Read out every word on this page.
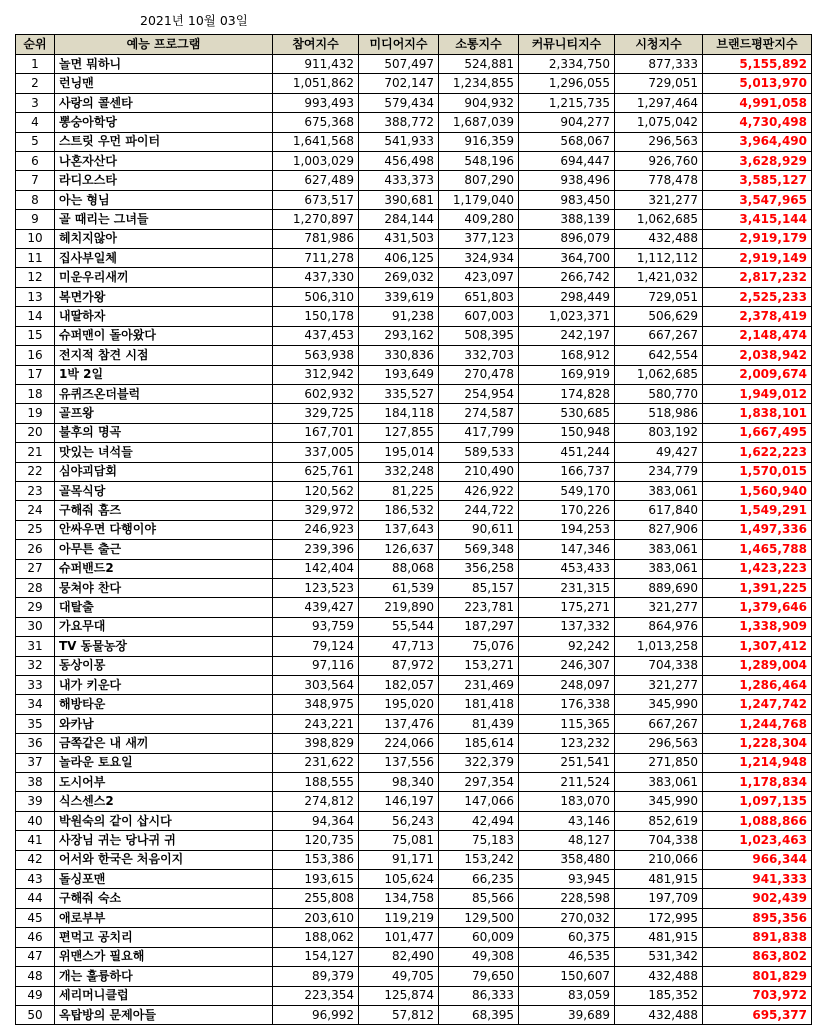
2021년 10월 03일
순위	예능 프로그램	참여지수	미디어지수	소통지수	커뮤니티지수	시청지수	브랜드평판지수
1	놀면 뭐하니	911,432	507,497	524,881	2,334,750	877,333	5,155,892
2	런닝맨	1,051,862	702,147	1,234,855	1,296,055	729,051	5,013,970
3	사랑의 콜센타	993,493	579,434	904,932	1,215,735	1,297,464	4,991,058
4	뽕숭아학당	675,368	388,772	1,687,039	904,277	1,075,042	4,730,498
5	스트릿 우먼 파이터	1,641,568	541,933	916,359	568,067	296,563	3,964,490
6	나혼자산다	1,003,029	456,498	548,196	694,447	926,760	3,628,929
7	라디오스타	627,489	433,373	807,290	938,496	778,478	3,585,127
8	아는 형님	673,517	390,681	1,179,040	983,450	321,277	3,547,965
9	골 때리는 그녀들	1,270,897	284,144	409,280	388,139	1,062,685	3,415,144
10	헤치지않아	781,986	431,503	377,123	896,079	432,488	2,919,179
11	집사부일체	711,278	406,125	324,934	364,700	1,112,112	2,919,149
12	미운우리새끼	437,330	269,032	423,097	266,742	1,421,032	2,817,232
13	복면가왕	506,310	339,619	651,803	298,449	729,051	2,525,233
14	내딸하자	150,178	91,238	607,003	1,023,371	506,629	2,378,419
15	슈퍼맨이 돌아왔다	437,453	293,162	508,395	242,197	667,267	2,148,474
16	전지적 참견 시점	563,938	330,836	332,703	168,912	642,554	2,038,942
17	1박 2일	312,942	193,649	270,478	169,919	1,062,685	2,009,674
18	유퀴즈온더블럭	602,932	335,527	254,954	174,828	580,770	1,949,012
19	골프왕	329,725	184,118	274,587	530,685	518,986	1,838,101
20	불후의 명곡	167,701	127,855	417,799	150,948	803,192	1,667,495
21	맛있는 녀석들	337,005	195,014	589,533	451,244	49,427	1,622,223
22	심야괴담회	625,761	332,248	210,490	166,737	234,779	1,570,015
23	골목식당	120,562	81,225	426,922	549,170	383,061	1,560,940
24	구해줘 홈즈	329,972	186,532	244,722	170,226	617,840	1,549,291
25	안싸우면 다행이야	246,923	137,643	90,611	194,253	827,906	1,497,336
26	아무튼 출근	239,396	126,637	569,348	147,346	383,061	1,465,788
27	슈퍼밴드2	142,404	88,068	356,258	453,433	383,061	1,423,223
28	뭉쳐야 찬다	123,523	61,539	85,157	231,315	889,690	1,391,225
29	대탈출	439,427	219,890	223,781	175,271	321,277	1,379,646
30	가요무대	93,759	55,544	187,297	137,332	864,976	1,338,909
31	TV 동물농장	79,124	47,713	75,076	92,242	1,013,258	1,307,412
32	동상이몽	97,116	87,972	153,271	246,307	704,338	1,289,004
33	내가 키운다	303,564	182,057	231,469	248,097	321,277	1,286,464
34	해방타운	348,975	195,020	181,418	176,338	345,990	1,247,742
35	와카남	243,221	137,476	81,439	115,365	667,267	1,244,768
36	금쪽같은 내 새끼	398,829	224,066	185,614	123,232	296,563	1,228,304
37	놀라운 토요일	231,622	137,556	322,379	251,541	271,850	1,214,948
38	도시어부	188,555	98,340	297,354	211,524	383,061	1,178,834
39	식스센스2	274,812	146,197	147,066	183,070	345,990	1,097,135
40	박원숙의 같이 삽시다	94,364	56,243	42,494	43,146	852,619	1,088,866
41	사장님 귀는 당나귀 귀	120,735	75,081	75,183	48,127	704,338	1,023,463
42	어서와 한국은 처음이지	153,386	91,171	153,242	358,480	210,066	966,344
43	돌싱포맨	193,615	105,624	66,235	93,945	481,915	941,333
44	구해줘 숙소	255,808	134,758	85,566	228,598	197,709	902,439
45	애로부부	203,610	119,219	129,500	270,032	172,995	895,356
46	편먹고 공치리	188,062	101,477	60,009	60,375	481,915	891,838
47	위맨스가 필요해	154,127	82,490	49,308	46,535	531,342	863,802
48	개는 훌륭하다	89,379	49,705	79,650	150,607	432,488	801,829
49	세리머니클럽	223,354	125,874	86,333	83,059	185,352	703,972
50	옥탑방의 문제아들	96,992	57,812	68,395	39,689	432,488	695,377
